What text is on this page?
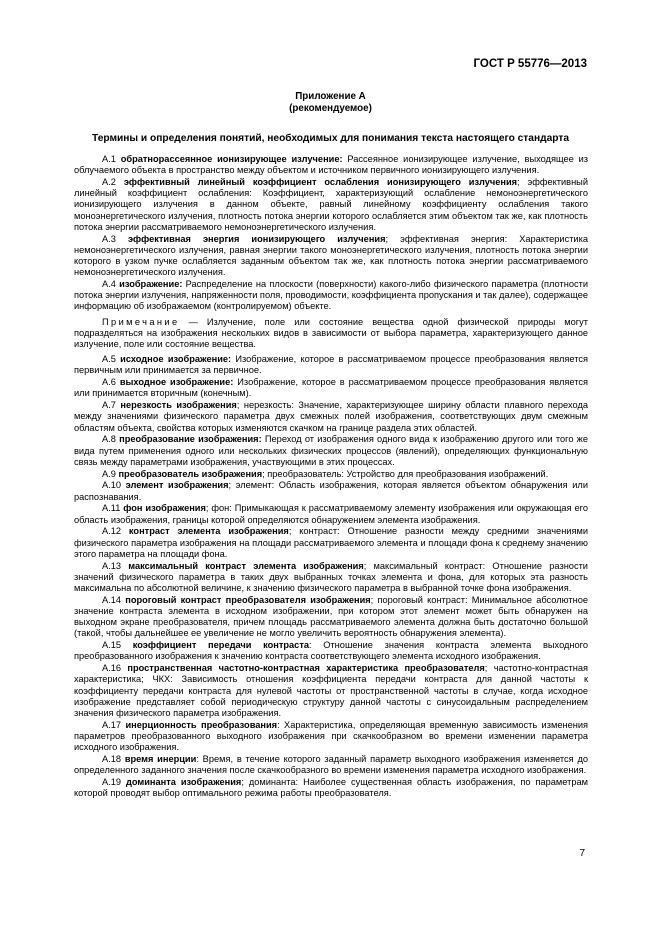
ГОСТ Р 55776—2013
Приложение А
(рекомендуемое)
Термины и определения понятий, необходимых для понимания текста настоящего стандарта

А.1 обратнорассеянное ионизирующее излучение: Рассеянное ионизирующее излучение, выходящее из облучаемого объекта в пространство между объектом и источником первичного ионизирующего излучения.

А.2 эффективный линейный коэффициент ослабления ионизирующего излучения; эффективный линейный коэффициент ослабления: Коэффициент, характеризующий ослабление немоноэнергетического ионизирующего излучения в данном объекте, равный линейному коэффициенту ослабления такого моноэнергетического излучения, плотность потока энергии которого ослабляется этим объектом так же, как плотность потока энергии рассматриваемого немоноэнергетического излучения.

А.3 эффективная энергия ионизирующего излучения; эффективная энергия: Характеристика немоноэнергетического излучения, равная энергии такого моноэнергетического излучения, плотность потока энергии которого в узком пучке ослабляется заданным объектом так же, как плотность потока энергии рассматриваемого немоноэнергетического излучения.

А.4 изображение: Распределение на плоскости (поверхности) какого-либо физического параметра (плотности потока энергии излучения, напряженности поля, проводимости, коэффициента пропускания и так далее), содержащее информацию об изображаемом (контролируемом) объекте.

Примечание — Излучение, поле или состояние вещества одной физической природы могут подразделяться на изображения нескольких видов в зависимости от выбора параметра, характеризующего данное излучение, поле или состояние вещества.

А.5 исходное изображение: Изображение, которое в рассматриваемом процессе преобразования является первичным или принимается за первичное.

А.6 выходное изображение: Изображение, которое в рассматриваемом процессе преобразования является или принимается вторичным (конечным).

А.7 нерезкость изображения; нерезкость: Значение, характеризующее ширину области плавного перехода между значениями физического параметра двух смежных полей изображения, соответствующих двум смежным областям объекта, свойства которых изменяются скачком на границе раздела этих областей.

А.8 преобразование изображения: Переход от изображения одного вида к изображению другого или того же вида путем применения одного или нескольких физических процессов (явлений), определяющих функциональную связь между параметрами изображения, участвующими в этих процессах.

А.9 преобразователь изображения; преобразователь: Устройство для преобразования изображений.

А.10 элемент изображения; элемент: Область изображения, которая является объектом обнаружения или распознавания.

А.11 фон изображения; фон: Примыкающая к рассматриваемому элементу изображения или окружающая его область изображения, границы которой определяются обнаружением элемента изображения.

А.12 контраст элемента изображения; контраст: Отношение разности между средними значениями физического параметра изображения на площади рассматриваемого элемента и площади фона к среднему значению этого параметра на площади фона.

А.13 максимальный контраст элемента изображения; максимальный контраст: Отношение разности значений физического параметра в таких двух выбранных точках элемента и фона, для которых эта разность максимальна по абсолютной величине, к значению физического параметра в выбранной точке фона изображения.

А.14 пороговый контраст преобразователя изображения; пороговый контраст: Минимальное абсолютное значение контраста элемента в исходном изображении, при котором этот элемент может быть обнаружен на выходном экране преобразователя, причем площадь рассматриваемого элемента должна быть достаточно большой (такой, чтобы дальнейшее ее увеличение не могло увеличить вероятность обнаружения элемента).

А.15 коэффициент передачи контраста: Отношение значения контраста элемента выходного преобразованного изображения к значению контраста соответствующего элемента исходного изображения.

А.16 пространственная частотно-контрастная характеристика преобразователя; частотно-контрастная характеристика; ЧКХ: Зависимость отношения коэффициента передачи контраста для данной частоты к коэффициенту передачи контраста для нулевой частоты от пространственной частоты в случае, когда исходное изображение представляет собой периодическую структуру данной частоты с синусоидальным распределением значения физического параметра изображения.

А.17 инерционность преобразования: Характеристика, определяющая временную зависимость изменения параметров преобразованного выходного изображения при скачкообразном во времени изменении параметра исходного изображения.

А.18 время инерции: Время, в течение которого заданный параметр выходного изображения изменяется до определенного заданного значения после скачкообразного во времени изменения параметра исходного изображения.

А.19 доминанта изображения; доминанта: Наиболее существенная область изображения, по параметрам которой проводят выбор оптимального режима работы преобразователя.

7
